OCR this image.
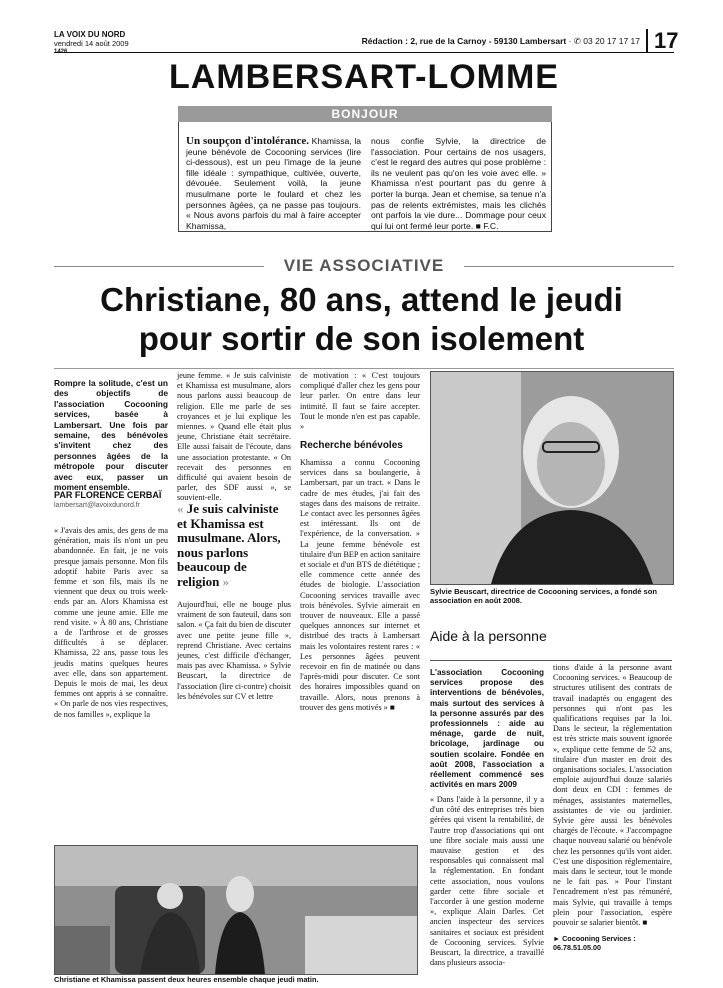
LA VOIX DU NORD
vendredi 14 août 2009
1426
Rédaction : 2, rue de la Carnoy - 59130 Lambersart · ✆ 03 20 17 17 17 17
LAMBERSART-LOMME
BONJOUR
Un soupçon d'intolérance. Khamissa, la jeune bénévole de Cocooning services (lire ci-dessous), est un peu l'image de la jeune fille idéale : sympathique, cultivée, ouverte, dévouée. Seulement voilà, la jeune musulmane porte le foulard et chez les personnes âgées, ça ne passe pas toujours. « Nous avons parfois du mal à faire accepter Khamissa,
nous confie Sylvie, la directrice de l'association. Pour certains de nos usagers, c'est le regard des autres qui pose problème : ils ne veulent pas qu'on les voie avec elle. » Khamissa n'est pourtant pas du genre à porter la burqa. Jean et chemise, sa tenue n'a pas de relents extrémistes, mais les clichés ont parfois la vie dure... Dommage pour ceux qui lui ont fermé leur porte. ■ F.C.
VIE ASSOCIATIVE
Christiane, 80 ans, attend le jeudi
pour sortir de son isolement
Rompre la solitude, c'est un des objectifs de l'association Cocooning services, basée à Lambersart. Une fois par semaine, des bénévoles s'invitent chez des personnes âgées de la métropole pour discuter avec eux, passer un moment ensemble.
PAR FLORENCE CERBAÏ
lambersart@lavoixdunord.fr
« J'avais des amis, des gens de ma génération, mais ils n'ont un peu abandonnée. En fait, je ne vois presque jamais personne. Mon fils adoptif habite Paris avec sa femme et son fils, mais ils ne viennent que deux ou trois week-ends par an. Alors Khamissa est comme une jeune amie. Elle me rend visite. » À 80 ans, Christiane a de l'arthrose et de grosses difficultés à se déplacer. Khamissa, 22 ans, passe tous les jeudis matins quelques heures avec elle, dans son appartement. Depuis le mois de mai, les deux femmes ont appris à se connaître. « On parle de nos vies respectives, de nos familles », explique la
jeune femme. « Je suis calviniste et Khamissa est musulmane, alors nous parlons aussi beaucoup de religion. Elle me parle de ses croyances et je lui explique les miennes. » Quand elle était plus jeune, Christiane était secrétaire. Elle aussi faisait de l'écoute, dans une association protestante. « On recevait des personnes en difficulté qui avaient besoin de parler, des SDF aussi », se souvient-elle.
« Je suis calviniste et Khamissa est musulmane. Alors, nous parlons beaucoup de religion »
Aujourd'hui, elle ne bouge plus vraiment de son fauteuil, dans son salon. « Ça fait du bien de discuter avec une petite jeune fille », reprend Christiane. Avec certains jeunes, c'est difficile d'échanger, mais pas avec Khamissa. » Sylvie Beuscart, la directrice de l'association (lire ci-contre) choisit les bénévoles sur CV et lettre
de motivation : « C'est toujours compliqué d'aller chez les gens pour leur parler. On entre dans leur intimité. Il faut se faire accepter. Tout le monde n'en est pas capable. »
Recherche bénévoles
Khamissa a connu Cocooning services dans sa boulangerie, à Lambersart, par un tract. « Dans le cadre de mes études, j'ai fait des stages dans des maisons de retraite. Le contact avec les personnes âgées est intéressant. Ils ont de l'expérience, de la conversation. » La jeune femme bénévole est titulaire d'un BEP en action sanitaire et sociale et d'un BTS de diététique ; elle commence cette année des études de biologie. L'association Cocooning services travaille avec trois bénévoles. Sylvie aimerait en trouver de nouveaux. Elle a passé quelques annonces sur internet et distribué des tracts à Lambersart mais les volontaires restent rares : « Les personnes âgées peuvent recevoir en fin de matinée ou dans l'après-midi pour discuter. Ce sont des horaires impossibles quand on travaille. Alors, nous prenons à trouver des gens motivés » ■
Sylvie Beuscart, directrice de Cocooning services, a fondé son association en août 2008.
Aide à la personne
L'association Cocooning services propose des interventions de bénévoles, mais surtout des services à la personne assurés par des professionnels : aide au ménage, garde de nuit, bricolage, jardinage ou soutien scolaire. Fondée en août 2008, l'association a réellement commencé ses activités en mars 2009
« Dans l'aide à la personne, il y a d'un côté des entreprises très bien gérées qui visent la rentabilité, de l'autre trop d'associations qui ont une fibre sociale mais aussi une mauvaise gestion et des responsables qui connaissent mal la réglementation. En fondant cette association, nous voulons garder cette fibre sociale et l'accorder à une gestion moderne », explique Alain Darles. Cet ancien inspecteur des services sanitaires et sociaux est président de Cocooning services. Sylvie Beuscart, la directrice, a travaillé dans plusieurs associa-
tions d'aide à la personne avant Cocooning services. « Beaucoup de structures utilisent des contrats de travail inadaptés ou engagent des personnes qui n'ont pas les qualifications requises par la loi. Dans le secteur, la réglementation est très stricte mais souvent ignorée », explique cette femme de 52 ans, titulaire d'un master en droit des organisations sociales. L'association emploie aujourd'hui douze salariés dont deux en CDI : femmes de ménages, assistantes maternelles, assistantes de vie ou jardinier. Sylvie gère aussi les bénévoles chargés de l'écoute. « J'accompagne chaque nouveau salarié ou bénévole chez les personnes qu'ils vont aider. C'est une disposition réglementaire, mais dans le secteur, tout le monde ne le fait pas. » Pour l'instant l'encadrement n'est pas rémunéré, mais Sylvie, qui travaille à temps plein pour l'association, espère pouvoir se salarier bientôt. ■
► Cocooning Services : 06.78.51.05.00
Christiane et Khamissa passent deux heures ensemble chaque jeudi matin.
